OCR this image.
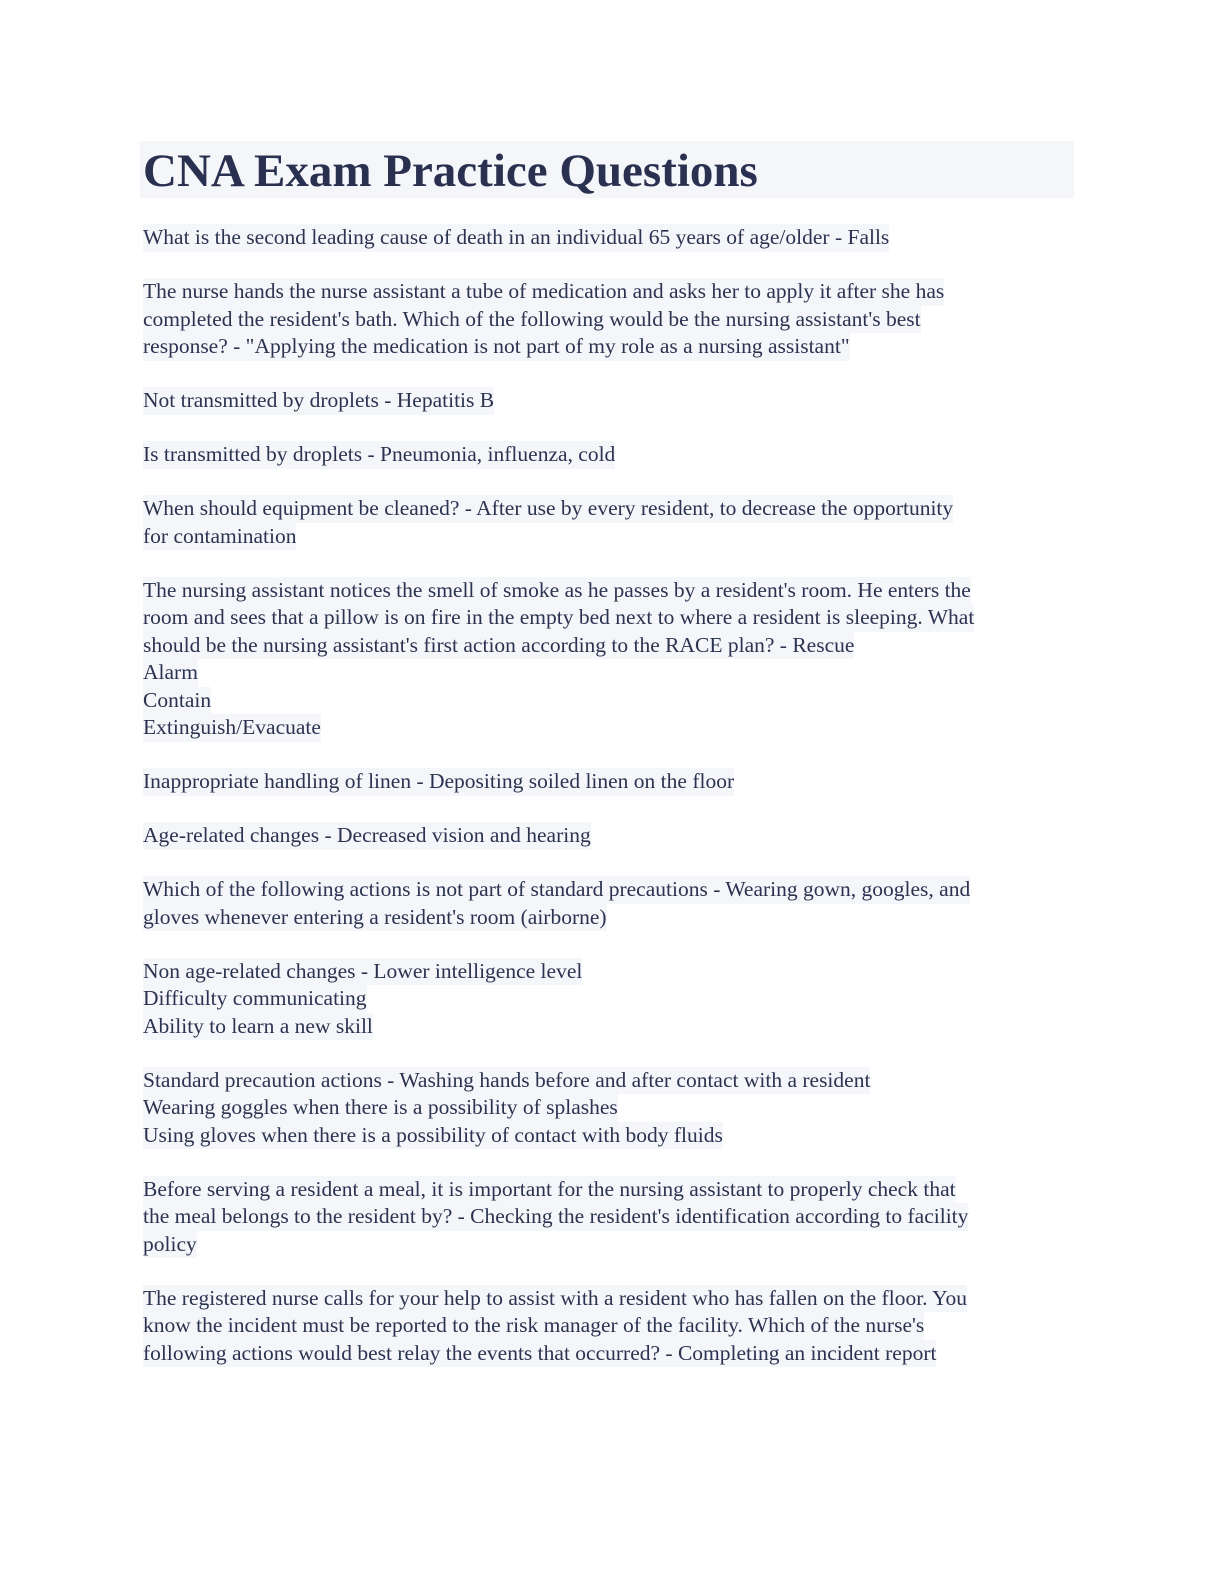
CNA Exam Practice Questions
What is the second leading cause of death in an individual 65 years of age/older - Falls
The nurse hands the nurse assistant a tube of medication and asks her to apply it after she has
completed the resident's bath. Which of the following would be the nursing assistant's best
response? - "Applying the medication is not part of my role as a nursing assistant"
Not transmitted by droplets - Hepatitis B
Is transmitted by droplets - Pneumonia, influenza, cold
When should equipment be cleaned? - After use by every resident, to decrease the opportunity
for contamination
The nursing assistant notices the smell of smoke as he passes by a resident's room. He enters the
room and sees that a pillow is on fire in the empty bed next to where a resident is sleeping. What
should be the nursing assistant's first action according to the RACE plan? - Rescue
Alarm
Contain
Extinguish/Evacuate
Inappropriate handling of linen - Depositing soiled linen on the floor
Age-related changes - Decreased vision and hearing
Which of the following actions is not part of standard precautions - Wearing gown, googles, and
gloves whenever entering a resident's room (airborne)
Non age-related changes - Lower intelligence level
Difficulty communicating
Ability to learn a new skill
Standard precaution actions - Washing hands before and after contact with a resident
Wearing goggles when there is a possibility of splashes
Using gloves when there is a possibility of contact with body fluids
Before serving a resident a meal, it is important for the nursing assistant to properly check that
the meal belongs to the resident by? - Checking the resident's identification according to facility
policy
The registered nurse calls for your help to assist with a resident who has fallen on the floor. You
know the incident must be reported to the risk manager of the facility. Which of the nurse's
following actions would best relay the events that occurred? - Completing an incident report
